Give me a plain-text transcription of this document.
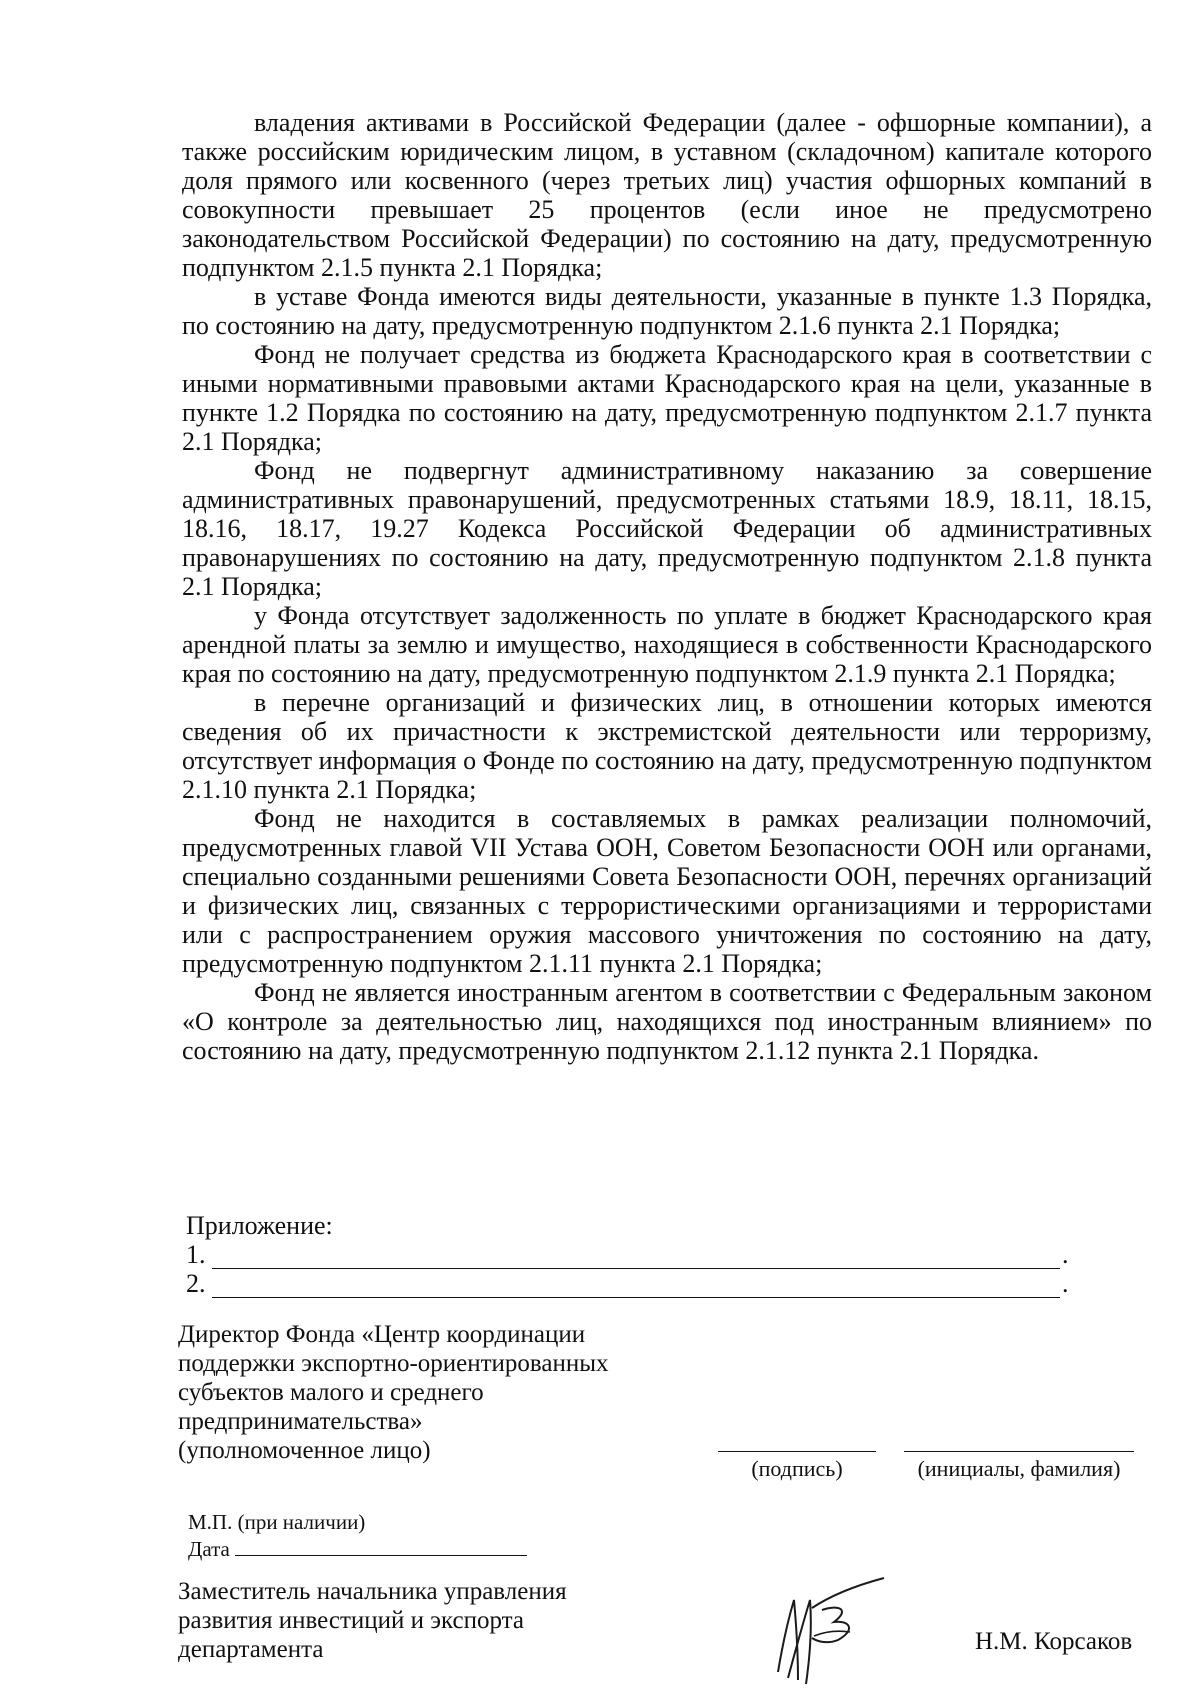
владения активами в Российской Федерации (далее - офшорные компании), а также российским юридическим лицом, в уставном (складочном) капитале которого доля прямого или косвенного (через третьих лиц) участия офшорных компаний в совокупности превышает 25 процентов (если иное не предусмотрено законодательством Российской Федерации) по состоянию на дату, предусмотренную подпунктом 2.1.5 пункта 2.1 Порядка;

в уставе Фонда имеются виды деятельности, указанные в пункте 1.3 Порядка, по состоянию на дату, предусмотренную подпунктом 2.1.6 пункта 2.1 Порядка;

Фонд не получает средства из бюджета Краснодарского края в соответствии с иными нормативными правовыми актами Краснодарского края на цели, указанные в пункте 1.2 Порядка по состоянию на дату, предусмотренную подпунктом 2.1.7 пункта 2.1 Порядка;

Фонд не подвергнут административному наказанию за совершение административных правонарушений, предусмотренных статьями 18.9, 18.11, 18.15, 18.16, 18.17, 19.27 Кодекса Российской Федерации об административных правонарушениях по состоянию на дату, предусмотренную подпунктом 2.1.8 пункта 2.1 Порядка;

у Фонда отсутствует задолженность по уплате в бюджет Краснодарского края арендной платы за землю и имущество, находящиеся в собственности Краснодарского края по состоянию на дату, предусмотренную подпунктом 2.1.9 пункта 2.1 Порядка;

в перечне организаций и физических лиц, в отношении которых имеются сведения об их причастности к экстремистской деятельности или терроризму, отсутствует информация о Фонде по состоянию на дату, предусмотренную подпунктом 2.1.10 пункта 2.1 Порядка;

Фонд не находится в составляемых в рамках реализации полномочий, предусмотренных главой VII Устава ООН, Советом Безопасности ООН или органами, специально созданными решениями Совета Безопасности ООН, перечнях организаций и физических лиц, связанных с террористическими организациями и террористами или с распространением оружия массового уничтожения по состоянию на дату, предусмотренную подпунктом 2.1.11 пункта 2.1 Порядка;

Фонд не является иностранным агентом в соответствии с Федеральным законом «О контроле за деятельностью лиц, находящихся под иностранным влиянием» по состоянию на дату, предусмотренную подпунктом 2.1.12 пункта 2.1 Порядка.

Приложение:
1.	.
2.	.
Директор Фонда «Центр координации
поддержки экспортно-ориентированных
субъектов малого и среднего
предпринимательства»
(уполномоченное лицо)
(подпись)	(инициалы, фамилия)
М.П. (при наличии)
Дата
Заместитель начальника управления
развития инвестиций и экспорта
департамента	Н.М. Корсаков
